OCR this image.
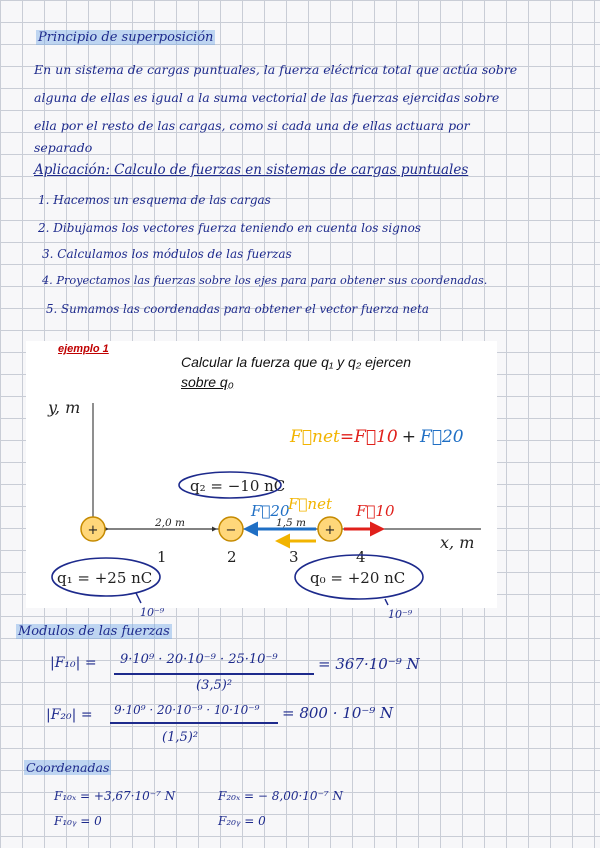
Principio de superposición
En un sistema de cargas puntuales, la fuerza eléctrica total que actúa sobre
alguna de ellas es igual a la suma vectorial de las fuerzas ejercidas sobre
ella por el resto de las cargas, como si cada una de ellas actuara por
separado
Aplicación: Calculo de fuerzas en sistemas de cargas puntuales
1. Hacemos un esquema de las cargas
2. Dibujamos los vectores fuerza teniendo en cuenta los signos
3. Calculamos los módulos de las fuerzas
4. Proyectamos las fuerzas sobre los ejes para para obtener sus coordenadas.
5. Sumamos las coordenadas para obtener el vector fuerza neta
ejemplo 1
Calcular la fuerza que q₁ y q₂ ejercen
sobre q₀
y, m
x, m
F⃗net=F⃗10 + F⃗20
q₂ = −10 nC
2,0 m	1,5 m
F⃗20
F⃗net F⃗10
+	−	+
1	2	3	4
q₁ = +25 nC	q₀ = +20 nC
10⁻⁹	10⁻⁹
Modulos de las fuerzas
|F₁₀| = 9·10⁹ · 20·10⁻⁹ · 25·10⁻⁹
(3,5)²
= 367·10⁻⁹ N
|F₂₀| = 9·10⁹ · 20·10⁻⁹ · 10·10⁻⁹
(1,5)²
= 800 · 10⁻⁹ N
Coordenadas
F₁₀ₓ = +3,67·10⁻⁷ N	F₂₀ₓ = − 8,00·10⁻⁷ N
F₁₀ᵧ = 0	F₂₀ᵧ = 0
